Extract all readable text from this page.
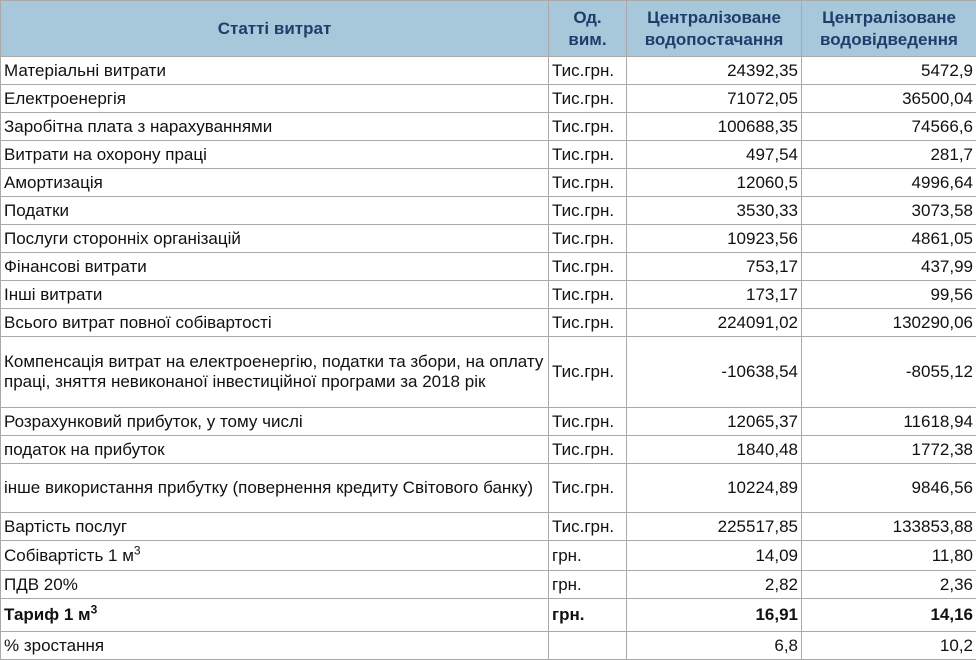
Статті витрат	Од. вим.	Централізоване водопостачання	Централізоване водовідведення
Матеріальні витрати	Тис.грн.	24392,35	5472,9
Електроенергія	Тис.грн.	71072,05	36500,04
Заробітна плата з нарахуваннями	Тис.грн.	100688,35	74566,6
Витрати на охорону праці	Тис.грн.	497,54	281,7
Амортизація	Тис.грн.	12060,5	4996,64
Податки	Тис.грн.	3530,33	3073,58
Послуги сторонніх організацій	Тис.грн.	10923,56	4861,05
Фінансові витрати	Тис.грн.	753,17	437,99
Інші витрати	Тис.грн.	173,17	99,56
Всього витрат повної собівартості	Тис.грн.	224091,02	130290,06
Компенсація витрат на електроенергію, податки та збори, на оплату праці, зняття невиконаної інвестиційної програми за 2018 рік	Тис.грн.	-10638,54	-8055,12
Розрахунковий прибуток, у тому числі	Тис.грн.	12065,37	11618,94
податок на прибуток	Тис.грн.	1840,48	1772,38
інше використання прибутку (повернення кредиту Світового банку)	Тис.грн.	10224,89	9846,56
Вартість послуг	Тис.грн.	225517,85	133853,88
Собівартість 1 $м^3$	грн.	14,09	11,80
ПДВ 20%	грн.	2,82	2,36
Тариф 1 $м^3$	грн.	16,91	14,16
% зростання		6,8	10,2
